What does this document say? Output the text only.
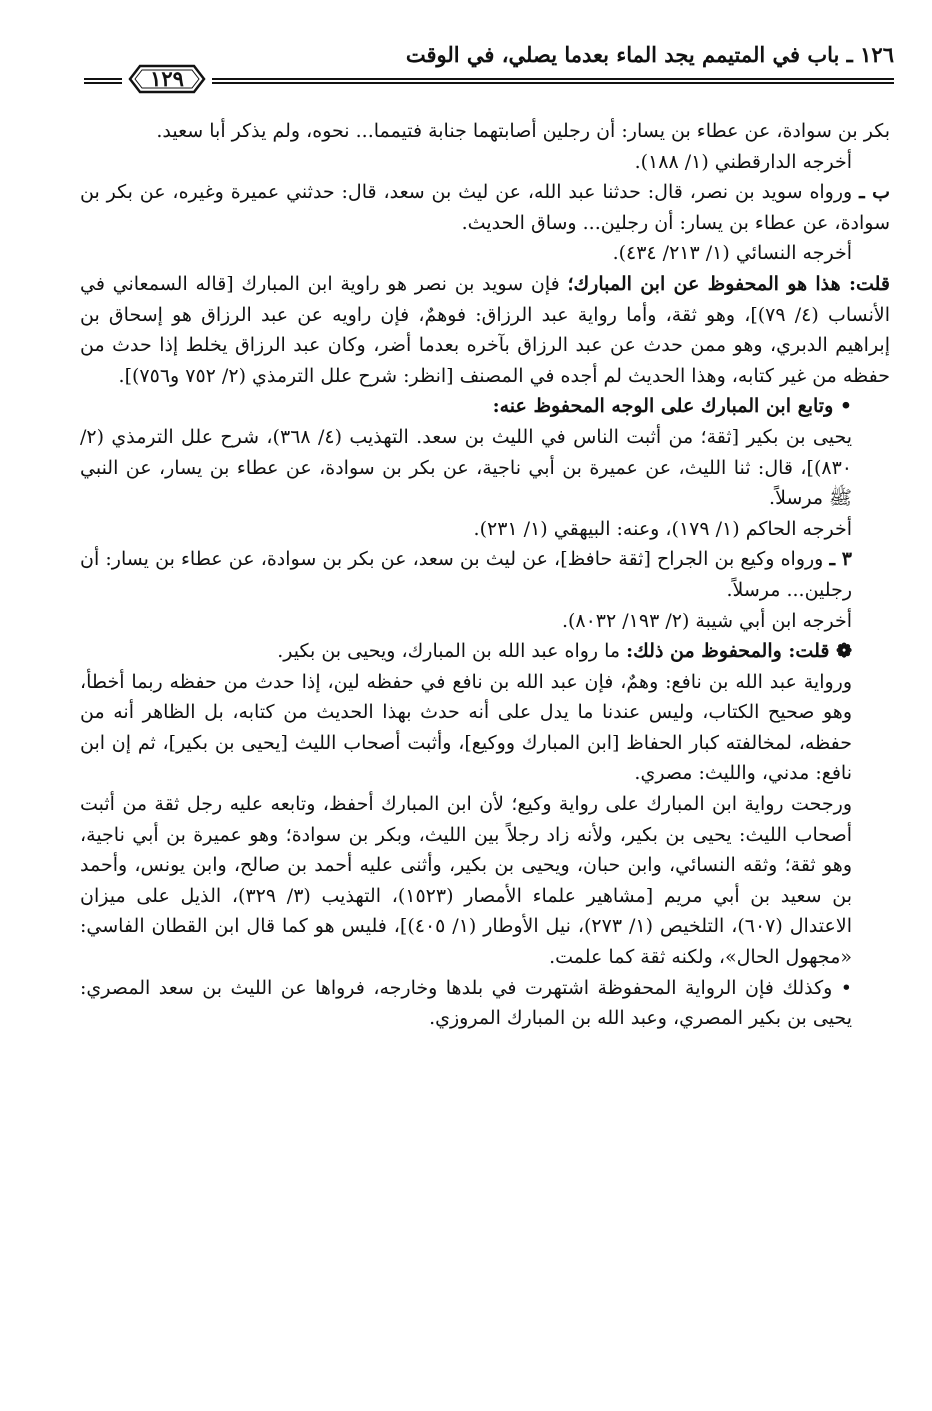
١٢٦ ـ باب في المتيمم يجد الماء بعدما يصلي، في الوقت
١٢٩

بكر بن سوادة، عن عطاء بن يسار: أن رجلين أصابتهما جنابة فتيمما... نحوه، ولم يذكر أبا سعيد.

أخرجه الدارقطني (١/ ١٨٨).

ب ـ ورواه سويد بن نصر، قال: حدثنا عبد الله، عن ليث بن سعد، قال: حدثني عميرة وغيره، عن بكر بن سوادة، عن عطاء بن يسار: أن رجلين... وساق الحديث.

أخرجه النسائي (١/ ٢١٣/ ٤٣٤).

قلت: هذا هو المحفوظ عن ابن المبارك؛ فإن سويد بن نصر هو راوية ابن المبارك [قاله السمعاني في الأنساب (٤/ ٧٩)]، وهو ثقة، وأما رواية عبد الرزاق: فوهمٌ، فإن راويه عن عبد الرزاق هو إسحاق بن إبراهيم الدبري، وهو ممن حدث عن عبد الرزاق بآخره بعدما أضر، وكان عبد الرزاق يخلط إذا حدث من حفظه من غير كتابه، وهذا الحديث لم أجده في المصنف [انظر: شرح علل الترمذي (٢/ ٧٥٢ و٧٥٦)].

• وتابع ابن المبارك على الوجه المحفوظ عنه:

يحيى بن بكير [ثقة؛ من أثبت الناس في الليث بن سعد. التهذيب (٤/ ٣٦٨)، شرح علل الترمذي (٢/ ٨٣٠)]، قال: ثنا الليث، عن عميرة بن أبي ناجية، عن بكر بن سوادة، عن عطاء بن يسار، عن النبي ﷺ مرسلاً.

أخرجه الحاكم (١/ ١٧٩)، وعنه: البيهقي (١/ ٢٣١).

٣ ـ ورواه وكيع بن الجراح [ثقة حافظ]، عن ليث بن سعد، عن بكر بن سوادة، عن عطاء بن يسار: أن رجلين... مرسلاً.

أخرجه ابن أبي شيبة (٢/ ١٩٣/ ٨٠٣٢).

❁ قلت: والمحفوظ من ذلك: ما رواه عبد الله بن المبارك، ويحيى بن بكير.

ورواية عبد الله بن نافع: وهمٌ، فإن عبد الله بن نافع في حفظه لين، إذا حدث من حفظه ربما أخطأ، وهو صحيح الكتاب، وليس عندنا ما يدل على أنه حدث بهذا الحديث من كتابه، بل الظاهر أنه من حفظه، لمخالفته كبار الحفاظ [ابن المبارك ووكيع]، وأثبت أصحاب الليث [يحيى بن بكير]، ثم إن ابن نافع: مدني، والليث: مصري.

ورجحت رواية ابن المبارك على رواية وكيع؛ لأن ابن المبارك أحفظ، وتابعه عليه رجل ثقة من أثبت أصحاب الليث: يحيى بن بكير، ولأنه زاد رجلاً بين الليث، وبكر بن سوادة؛ وهو عميرة بن أبي ناجية، وهو ثقة؛ وثقه النسائي، وابن حبان، ويحيى بن بكير، وأثنى عليه أحمد بن صالح، وابن يونس، وأحمد بن سعيد بن أبي مريم [مشاهير علماء الأمصار (١٥٢٣)، التهذيب (٣/ ٣٢٩)، الذيل على ميزان الاعتدال (٦٠٧)، التلخيص (١/ ٢٧٣)، نيل الأوطار (١/ ٤٠٥)]، فليس هو كما قال ابن القطان الفاسي: «مجهول الحال»، ولكنه ثقة كما علمت.

• وكذلك فإن الرواية المحفوظة اشتهرت في بلدها وخارجه، فرواها عن الليث بن سعد المصري: يحيى بن بكير المصري، وعبد الله بن المبارك المروزي.
